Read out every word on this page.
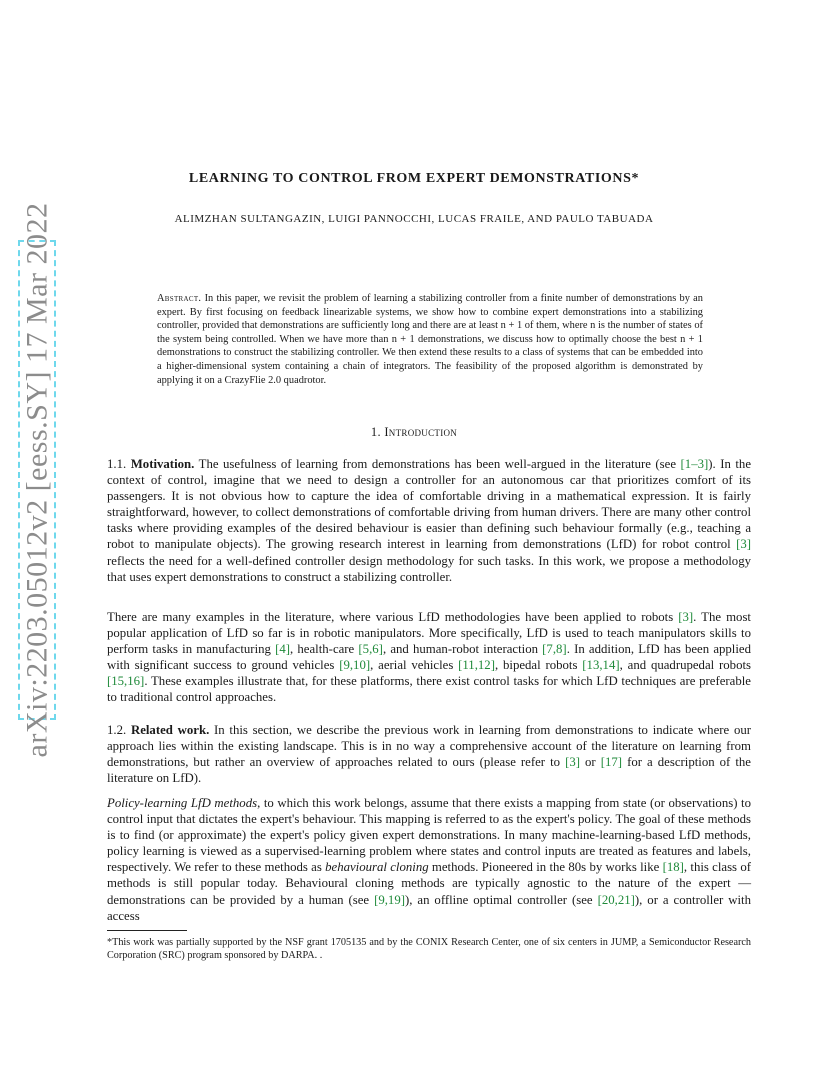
arXiv:2203.05012v2 [eess.SY] 17 Mar 2022
LEARNING TO CONTROL FROM EXPERT DEMONSTRATIONS*
ALIMZHAN SULTANGAZIN, LUIGI PANNOCCHI, LUCAS FRAILE, AND PAULO TABUADA
Abstract. In this paper, we revisit the problem of learning a stabilizing controller from a finite number of demonstrations by an expert. By first focusing on feedback linearizable systems, we show how to combine expert demonstrations into a stabilizing controller, provided that demonstrations are sufficiently long and there are at least n + 1 of them, where n is the number of states of the system being controlled. When we have more than n + 1 demonstrations, we discuss how to optimally choose the best n + 1 demonstrations to construct the stabilizing controller. We then extend these results to a class of systems that can be embedded into a higher-dimensional system containing a chain of integrators. The feasibility of the proposed algorithm is demonstrated by applying it on a CrazyFlie 2.0 quadrotor.
1. Introduction
1.1. Motivation. The usefulness of learning from demonstrations has been well-argued in the literature (see [1–3]). In the context of control, imagine that we need to design a controller for an autonomous car that prioritizes comfort of its passengers. It is not obvious how to capture the idea of comfortable driving in a mathematical expression. It is fairly straightforward, however, to collect demonstrations of comfortable driving from human drivers. There are many other control tasks where providing examples of the desired behaviour is easier than defining such behaviour formally (e.g., teaching a robot to manipulate objects). The growing research interest in learning from demonstrations (LfD) for robot control [3] reflects the need for a well-defined controller design methodology for such tasks. In this work, we propose a methodology that uses expert demonstrations to construct a stabilizing controller.
There are many examples in the literature, where various LfD methodologies have been applied to robots [3]. The most popular application of LfD so far is in robotic manipulators. More specifically, LfD is used to teach manipulators skills to perform tasks in manufacturing [4], health-care [5,6], and human-robot interaction [7,8]. In addition, LfD has been applied with significant success to ground vehicles [9,10], aerial vehicles [11,12], bipedal robots [13,14], and quadrupedal robots [15,16]. These examples illustrate that, for these platforms, there exist control tasks for which LfD techniques are preferable to traditional control approaches.
1.2. Related work. In this section, we describe the previous work in learning from demonstrations to indicate where our approach lies within the existing landscape. This is in no way a comprehensive account of the literature on learning from demonstrations, but rather an overview of approaches related to ours (please refer to [3] or [17] for a description of the literature on LfD).
Policy-learning LfD methods, to which this work belongs, assume that there exists a mapping from state (or observations) to control input that dictates the expert's behaviour. This mapping is referred to as the expert's policy. The goal of these methods is to find (or approximate) the expert's policy given expert demonstrations. In many machine-learning-based LfD methods, policy learning is viewed as a supervised-learning problem where states and control inputs are treated as features and labels, respectively. We refer to these methods as behavioural cloning methods. Pioneered in the 80s by works like [18], this class of methods is still popular today. Behavioural cloning methods are typically agnostic to the nature of the expert — demonstrations can be provided by a human (see [9,19]), an offline optimal controller (see [20,21]), or a controller with access
*This work was partially supported by the NSF grant 1705135 and by the CONIX Research Center, one of six centers in JUMP, a Semiconductor Research Corporation (SRC) program sponsored by DARPA. .
